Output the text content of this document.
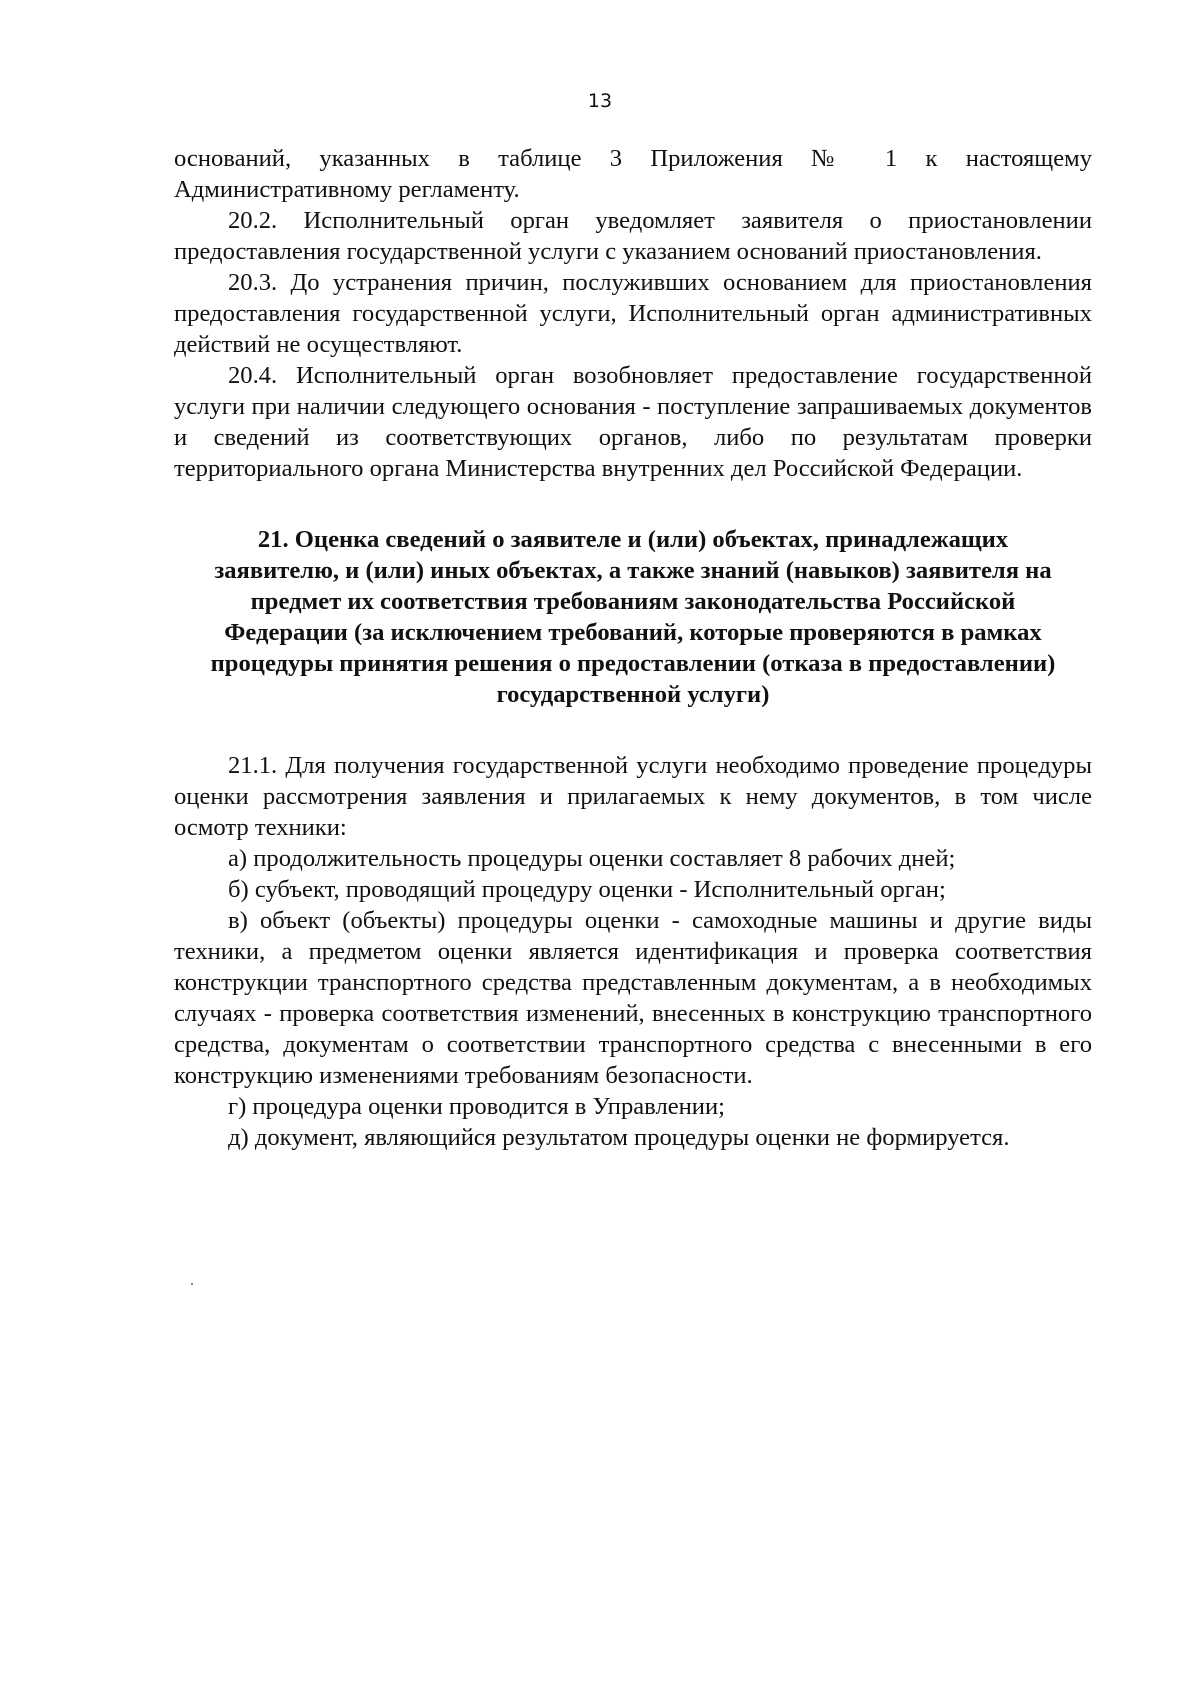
13

оснований, указанных в таблице 3 Приложения № 1 к настоящему Административному регламенту.

20.2. Исполнительный орган уведомляет заявителя о приостановлении предоставления государственной услуги с указанием оснований приостановления.

20.3. До устранения причин, послуживших основанием для приостановления предоставления государственной услуги, Исполнительный орган административных действий не осуществляют.

20.4. Исполнительный орган возобновляет предоставление государственной услуги при наличии следующего основания - поступление запрашиваемых документов и сведений из соответствующих органов, либо по результатам проверки территориального органа Министерства внутренних дел Российской Федерации.

21. Оценка сведений о заявителе и (или) объектах, принадлежащих заявителю, и (или) иных объектах, а также знаний (навыков) заявителя на предмет их соответствия требованиям законодательства Российской Федерации (за исключением требований, которые проверяются в рамках процедуры принятия решения о предоставлении (отказа в предоставлении) государственной услуги)

21.1. Для получения государственной услуги необходимо проведение процедуры оценки рассмотрения заявления и прилагаемых к нему документов, в том числе осмотр техники:

а) продолжительность процедуры оценки составляет 8 рабочих дней;

б) субъект, проводящий процедуру оценки - Исполнительный орган;

в) объект (объекты) процедуры оценки - самоходные машины и другие виды техники, а предметом оценки является идентификация и проверка соответствия конструкции транспортного средства представленным документам, а в необходимых случаях - проверка соответствия изменений, внесенных в конструкцию транспортного средства, документам о соответствии транспортного средства с внесенными в его конструкцию изменениями требованиям безопасности.

г) процедура оценки проводится в Управлении;

д) документ, являющийся результатом процедуры оценки не формируется.
